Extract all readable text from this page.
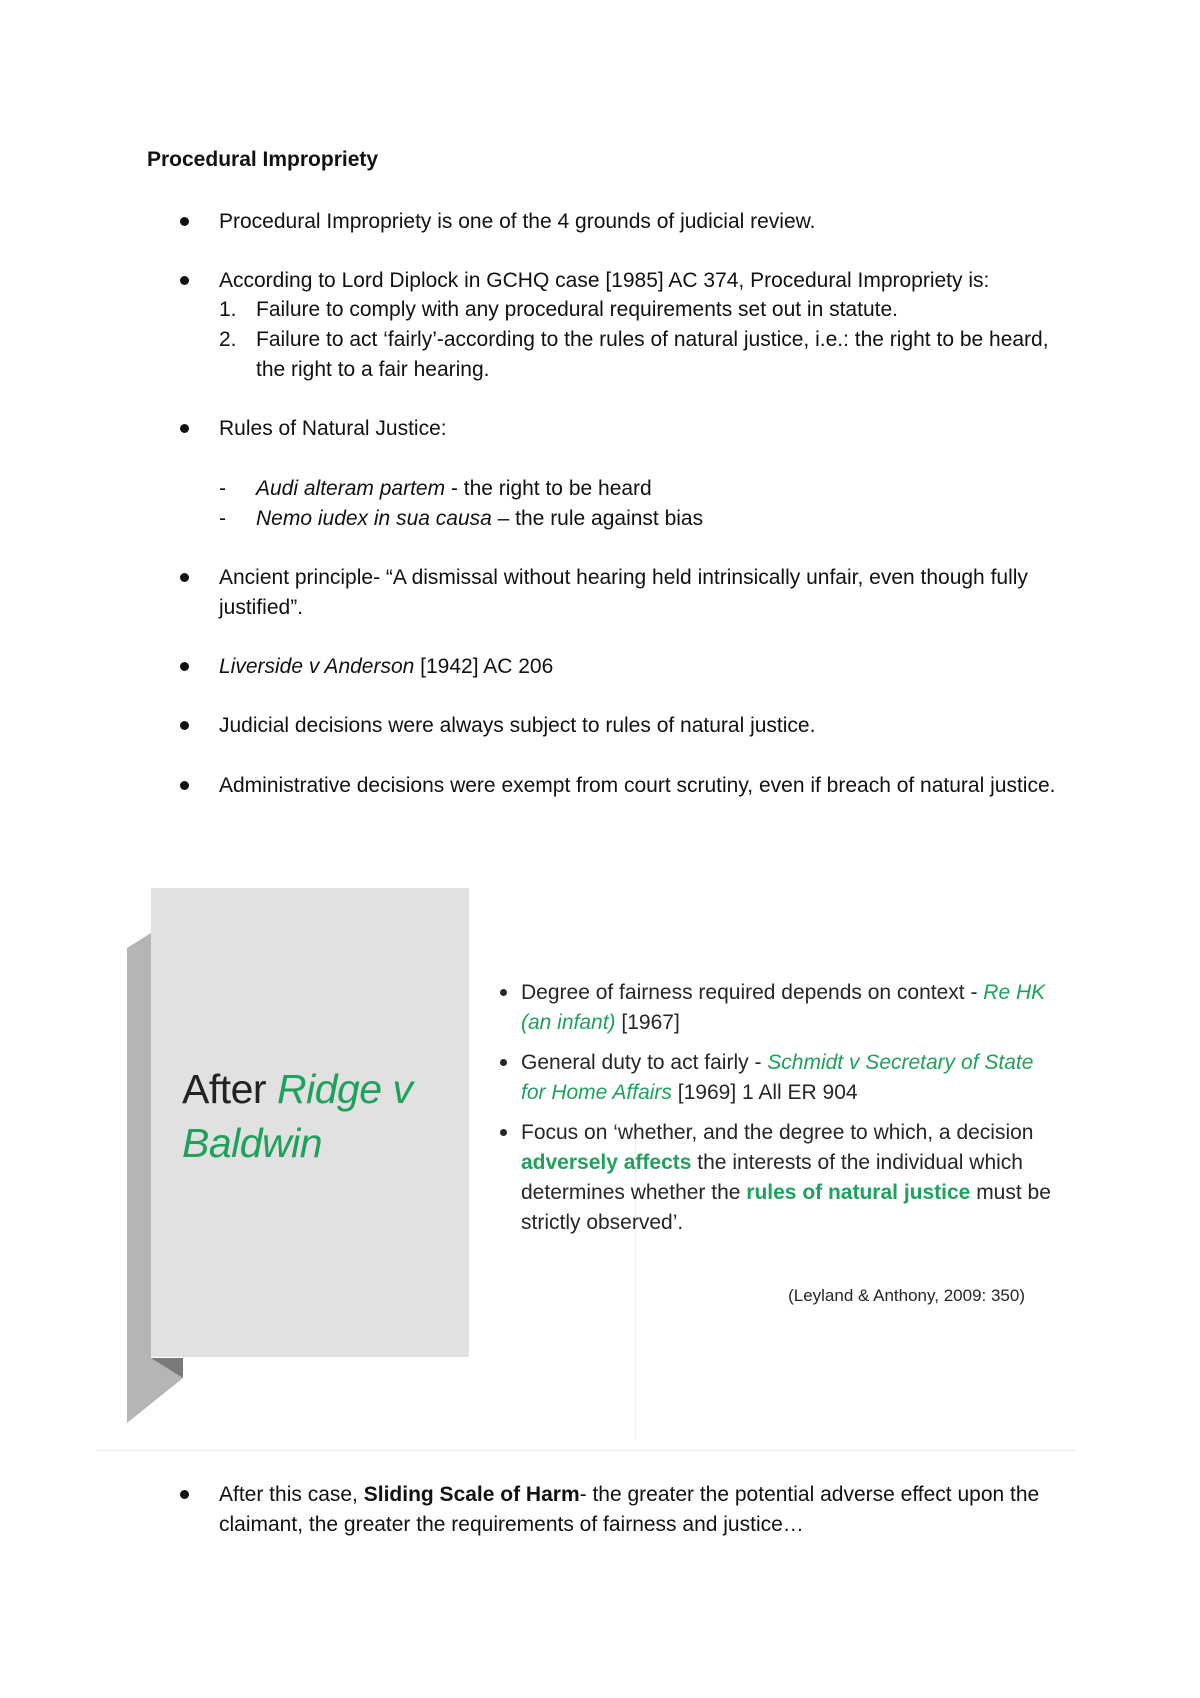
Procedural Impropriety
Procedural Impropriety is one of the 4 grounds of judicial review.
According to Lord Diplock in GCHQ case [1985] AC 374, Procedural Impropriety is:
1. Failure to comply with any procedural requirements set out in statute.
2. Failure to act ‘fairly’-according to the rules of natural justice, i.e.: the right to be heard, the right to a fair hearing.
Rules of Natural Justice:
-	Audi alteram partem - the right to be heard
-	Nemo iudex in sua causa – the rule against bias
Ancient principle- “A dismissal without hearing held intrinsically unfair, even though fully justified”.
Liverside v Anderson [1942] AC 206
Judicial decisions were always subject to rules of natural justice.
Administrative decisions were exempt from court scrutiny, even if breach of natural justice.
After Ridge v Baldwin
Degree of fairness required depends on context - Re HK (an infant) [1967]
General duty to act fairly - Schmidt v Secretary of State for Home Affairs [1969] 1 All ER 904
Focus on ‘whether, and the degree to which, a decision adversely affects the interests of the individual which determines whether the rules of natural justice must be strictly observed’.
(Leyland & Anthony, 2009: 350)
After this case, Sliding Scale of Harm- the greater the potential adverse effect upon the claimant, the greater the requirements of fairness and justice…
